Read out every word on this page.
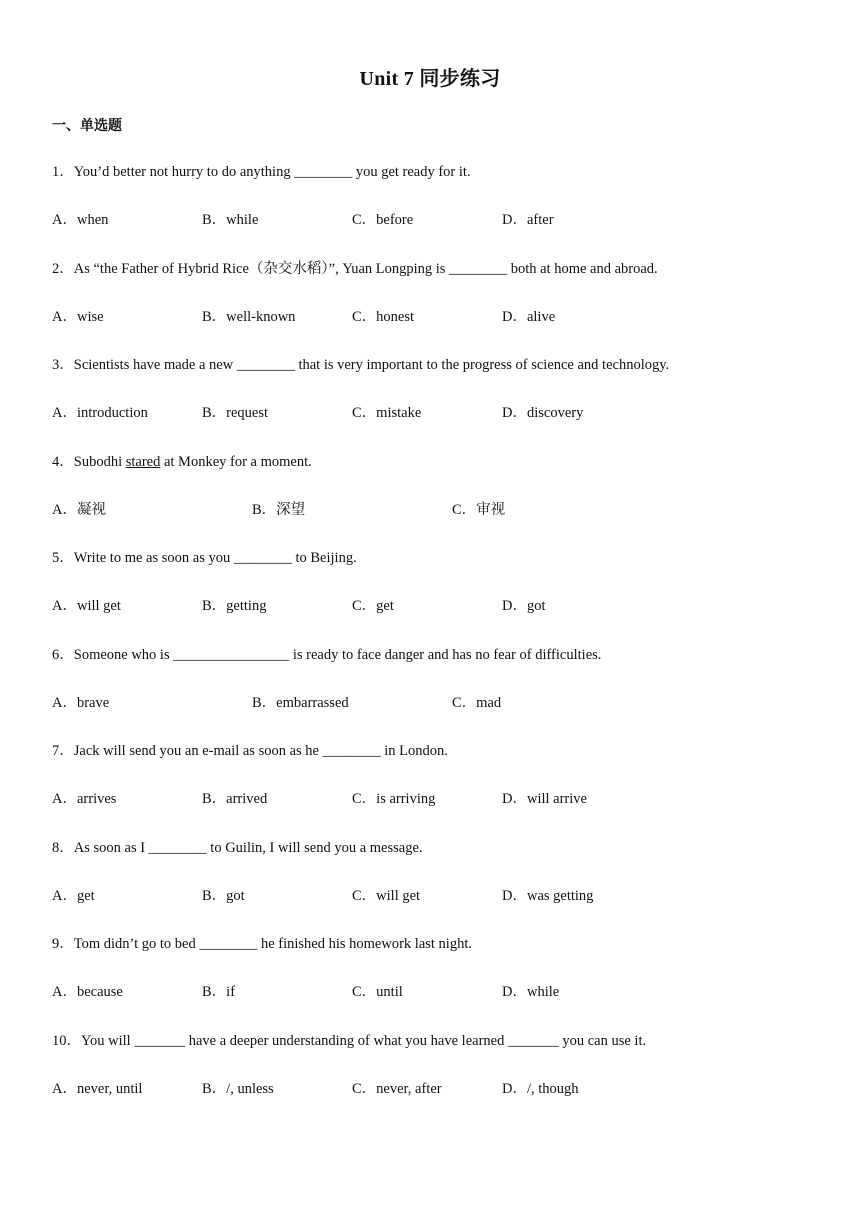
Unit 7 同步练习
一、单选题
1．You’d better not hurry to do anything ________ you get ready for it.
A．when	B．while	C．before	D．after
2．As “the Father of Hybrid Rice（杂交水稻）”, Yuan Longping is ________ both at home and abroad.
A．wise	B．well-known	C．honest	D．alive
3．Scientists have made a new ________ that is very important to the progress of science and technology.
A．introduction	B．request	C．mistake	D．discovery
4．Subodhi stared at Monkey for a moment.
A．凝视	B．深望	C．审视
5．Write to me as soon as you ________ to Beijing.
A．will get	B．getting	C．get	D．got
6．Someone who is ________________ is ready to face danger and has no fear of difficulties.
A．brave	B．embarrassed	C．mad
7．Jack will send you an e-mail as soon as he ________ in London.
A．arrives	B．arrived	C．is arriving	D．will arrive
8．As soon as I ________ to Guilin, I will send you a message.
A．get	B．got	C．will get	D．was getting
9．Tom didn’t go to bed ________ he finished his homework last night.
A．because	B．if	C．until	D．while
10．You will _______ have a deeper understanding of what you have learned _______ you can use it.
A．never, until	B．/, unless	C．never, after	D．/, though
